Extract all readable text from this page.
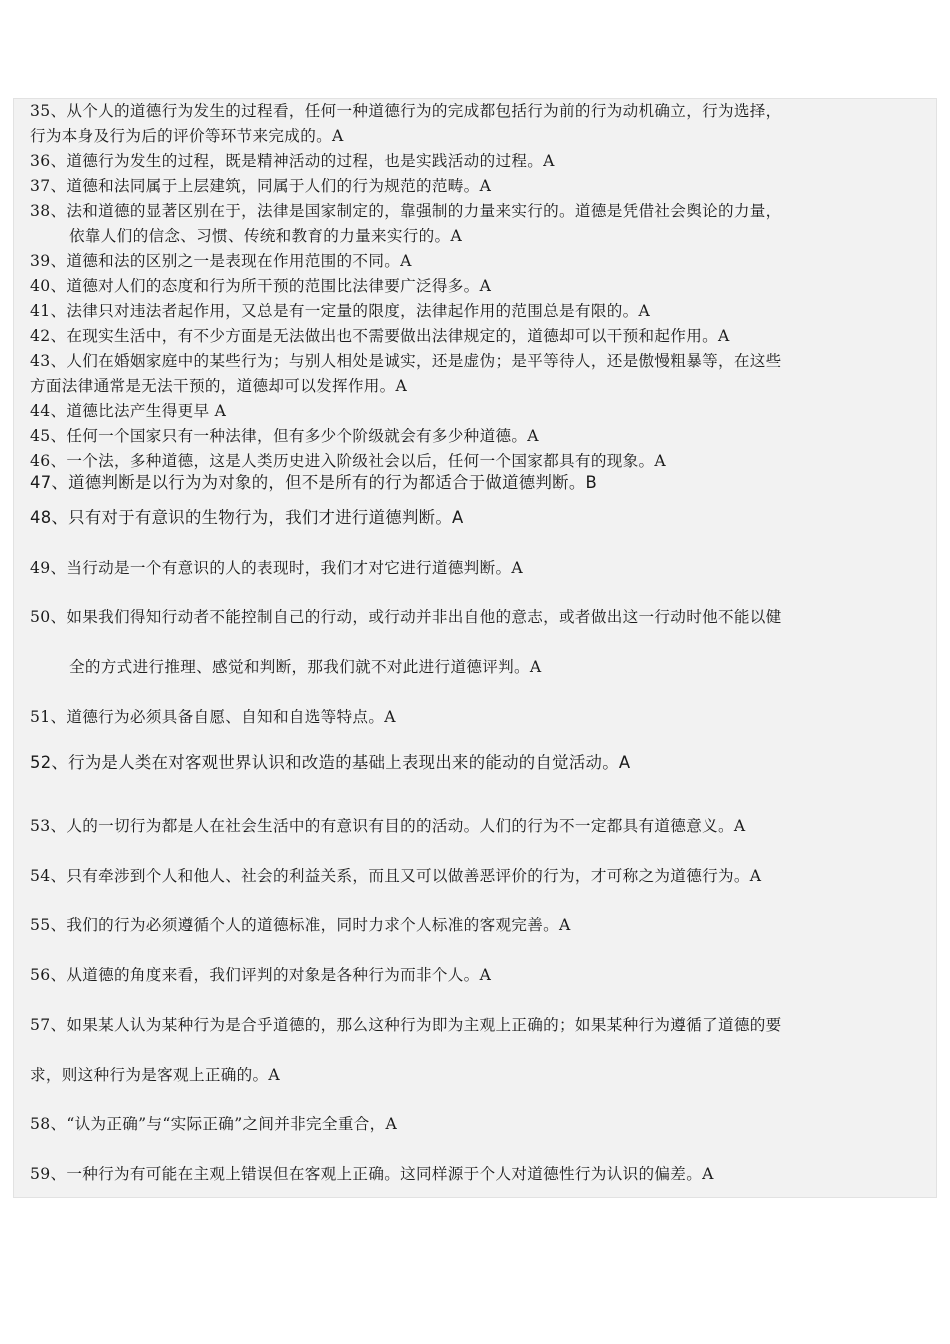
35、从个人的道德行为发生的过程看，任何一种道德行为的完成都包括行为前的行为动机确立，行为选择，
行为本身及行为后的评价等环节来完成的。A
36、道德行为发生的过程，既是精神活动的过程，也是实践活动的过程。A
37、道德和法同属于上层建筑，同属于人们的行为规范的范畴。A
38、法和道德的显著区别在于，法律是国家制定的，靠强制的力量来实行的。道德是凭借社会舆论的力量，
依靠人们的信念、习惯、传统和教育的力量来实行的。A
39、道德和法的区别之一是表现在作用范围的不同。A
40、道德对人们的态度和行为所干预的范围比法律要广泛得多。A
41、法律只对违法者起作用，又总是有一定量的限度，法律起作用的范围总是有限的。A
42、在现实生活中，有不少方面是无法做出也不需要做出法律规定的，道德却可以干预和起作用。A
43、人们在婚姻家庭中的某些行为；与别人相处是诚实，还是虚伪；是平等待人，还是傲慢粗暴等，在这些
方面法律通常是无法干预的，道德却可以发挥作用。A
44、道德比法产生得更早 A
45、任何一个国家只有一种法律，但有多少个阶级就会有多少种道德。A
46、一个法，多种道德，这是人类历史进入阶级社会以后，任何一个国家都具有的现象。A
47、道德判断是以行为为对象的，但不是所有的行为都适合于做道德判断。B
48、只有对于有意识的生物行为，我们才进行道德判断。A
49、当行动是一个有意识的人的表现时，我们才对它进行道德判断。A
50、如果我们得知行动者不能控制自己的行动，或行动并非出自他的意志，或者做出这一行动时他不能以健
全的方式进行推理、感觉和判断，那我们就不对此进行道德评判。A
51、道德行为必须具备自愿、自知和自选等特点。A
52、行为是人类在对客观世界认识和改造的基础上表现出来的能动的自觉活动。A
53、人的一切行为都是人在社会生活中的有意识有目的的活动。人们的行为不一定都具有道德意义。A
54、只有牵涉到个人和他人、社会的利益关系，而且又可以做善恶评价的行为，才可称之为道德行为。A
55、我们的行为必须遵循个人的道德标准，同时力求个人标准的客观完善。A
56、从道德的角度来看，我们评判的对象是各种行为而非个人。A
57、如果某人认为某种行为是合乎道德的，那么这种行为即为主观上正确的；如果某种行为遵循了道德的要
求，则这种行为是客观上正确的。A
58、“认为正确”与“实际正确”之间并非完全重合，A
59、一种行为有可能在主观上错误但在客观上正确。这同样源于个人对道德性行为认识的偏差。A
